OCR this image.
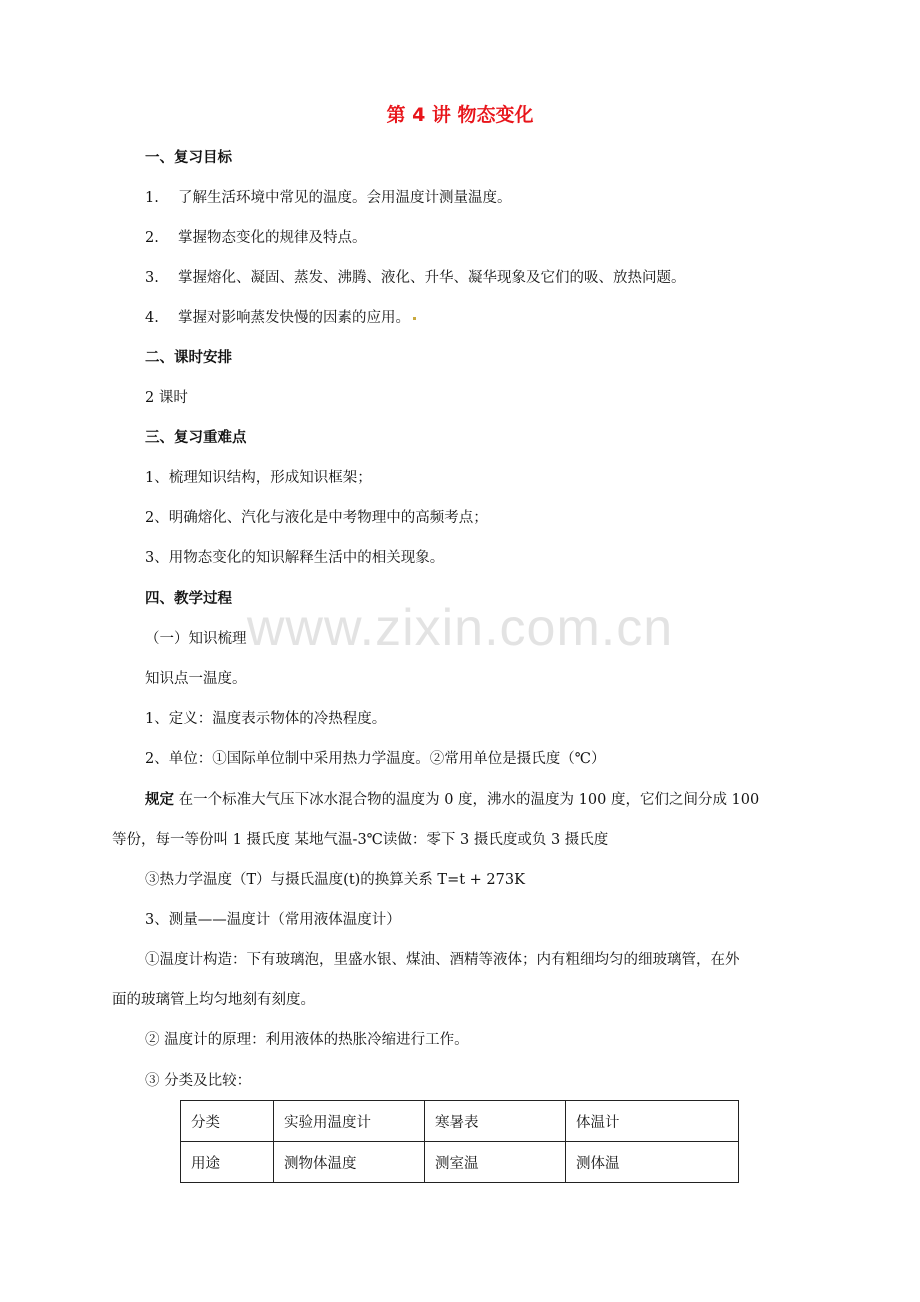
第 4 讲 物态变化
一、复习目标
1. 了解生活环境中常见的温度。会用温度计测量温度。
2. 掌握物态变化的规律及特点。
3. 掌握熔化、凝固、蒸发、沸腾、液化、升华、凝华现象及它们的吸、放热问题。
4. 掌握对影响蒸发快慢的因素的应用。
二、课时安排
2 课时
三、复习重难点
1、梳理知识结构，形成知识框架；
2、明确熔化、汽化与液化是中考物理中的高频考点；
3、用物态变化的知识解释生活中的相关现象。
四、教学过程 www.zixin.com.cn
（一）知识梳理
知识点一温度。
1、定义：温度表示物体的冷热程度。
2、单位：①国际单位制中采用热力学温度。②常用单位是摄氏度（℃）
规定 在一个标准大气压下冰水混合物的温度为 0 度，沸水的温度为 100 度，它们之间分成 100
等份，每一等份叫 1 摄氏度 某地气温-3℃读做：零下 3 摄氏度或负 3 摄氏度
③热力学温度（T）与摄氏温度(t)的换算关系 T=t + 273K
3、测量——温度计（常用液体温度计）
①温度计构造：下有玻璃泡，里盛水银、煤油、酒精等液体；内有粗细均匀的细玻璃管，在外
面的玻璃管上均匀地刻有刻度。
② 温度计的原理：利用液体的热胀冷缩进行工作。
③ 分类及比较：
分类	实验用温度计	寒暑表	体温计
用途	测物体温度	测室温	测体温
